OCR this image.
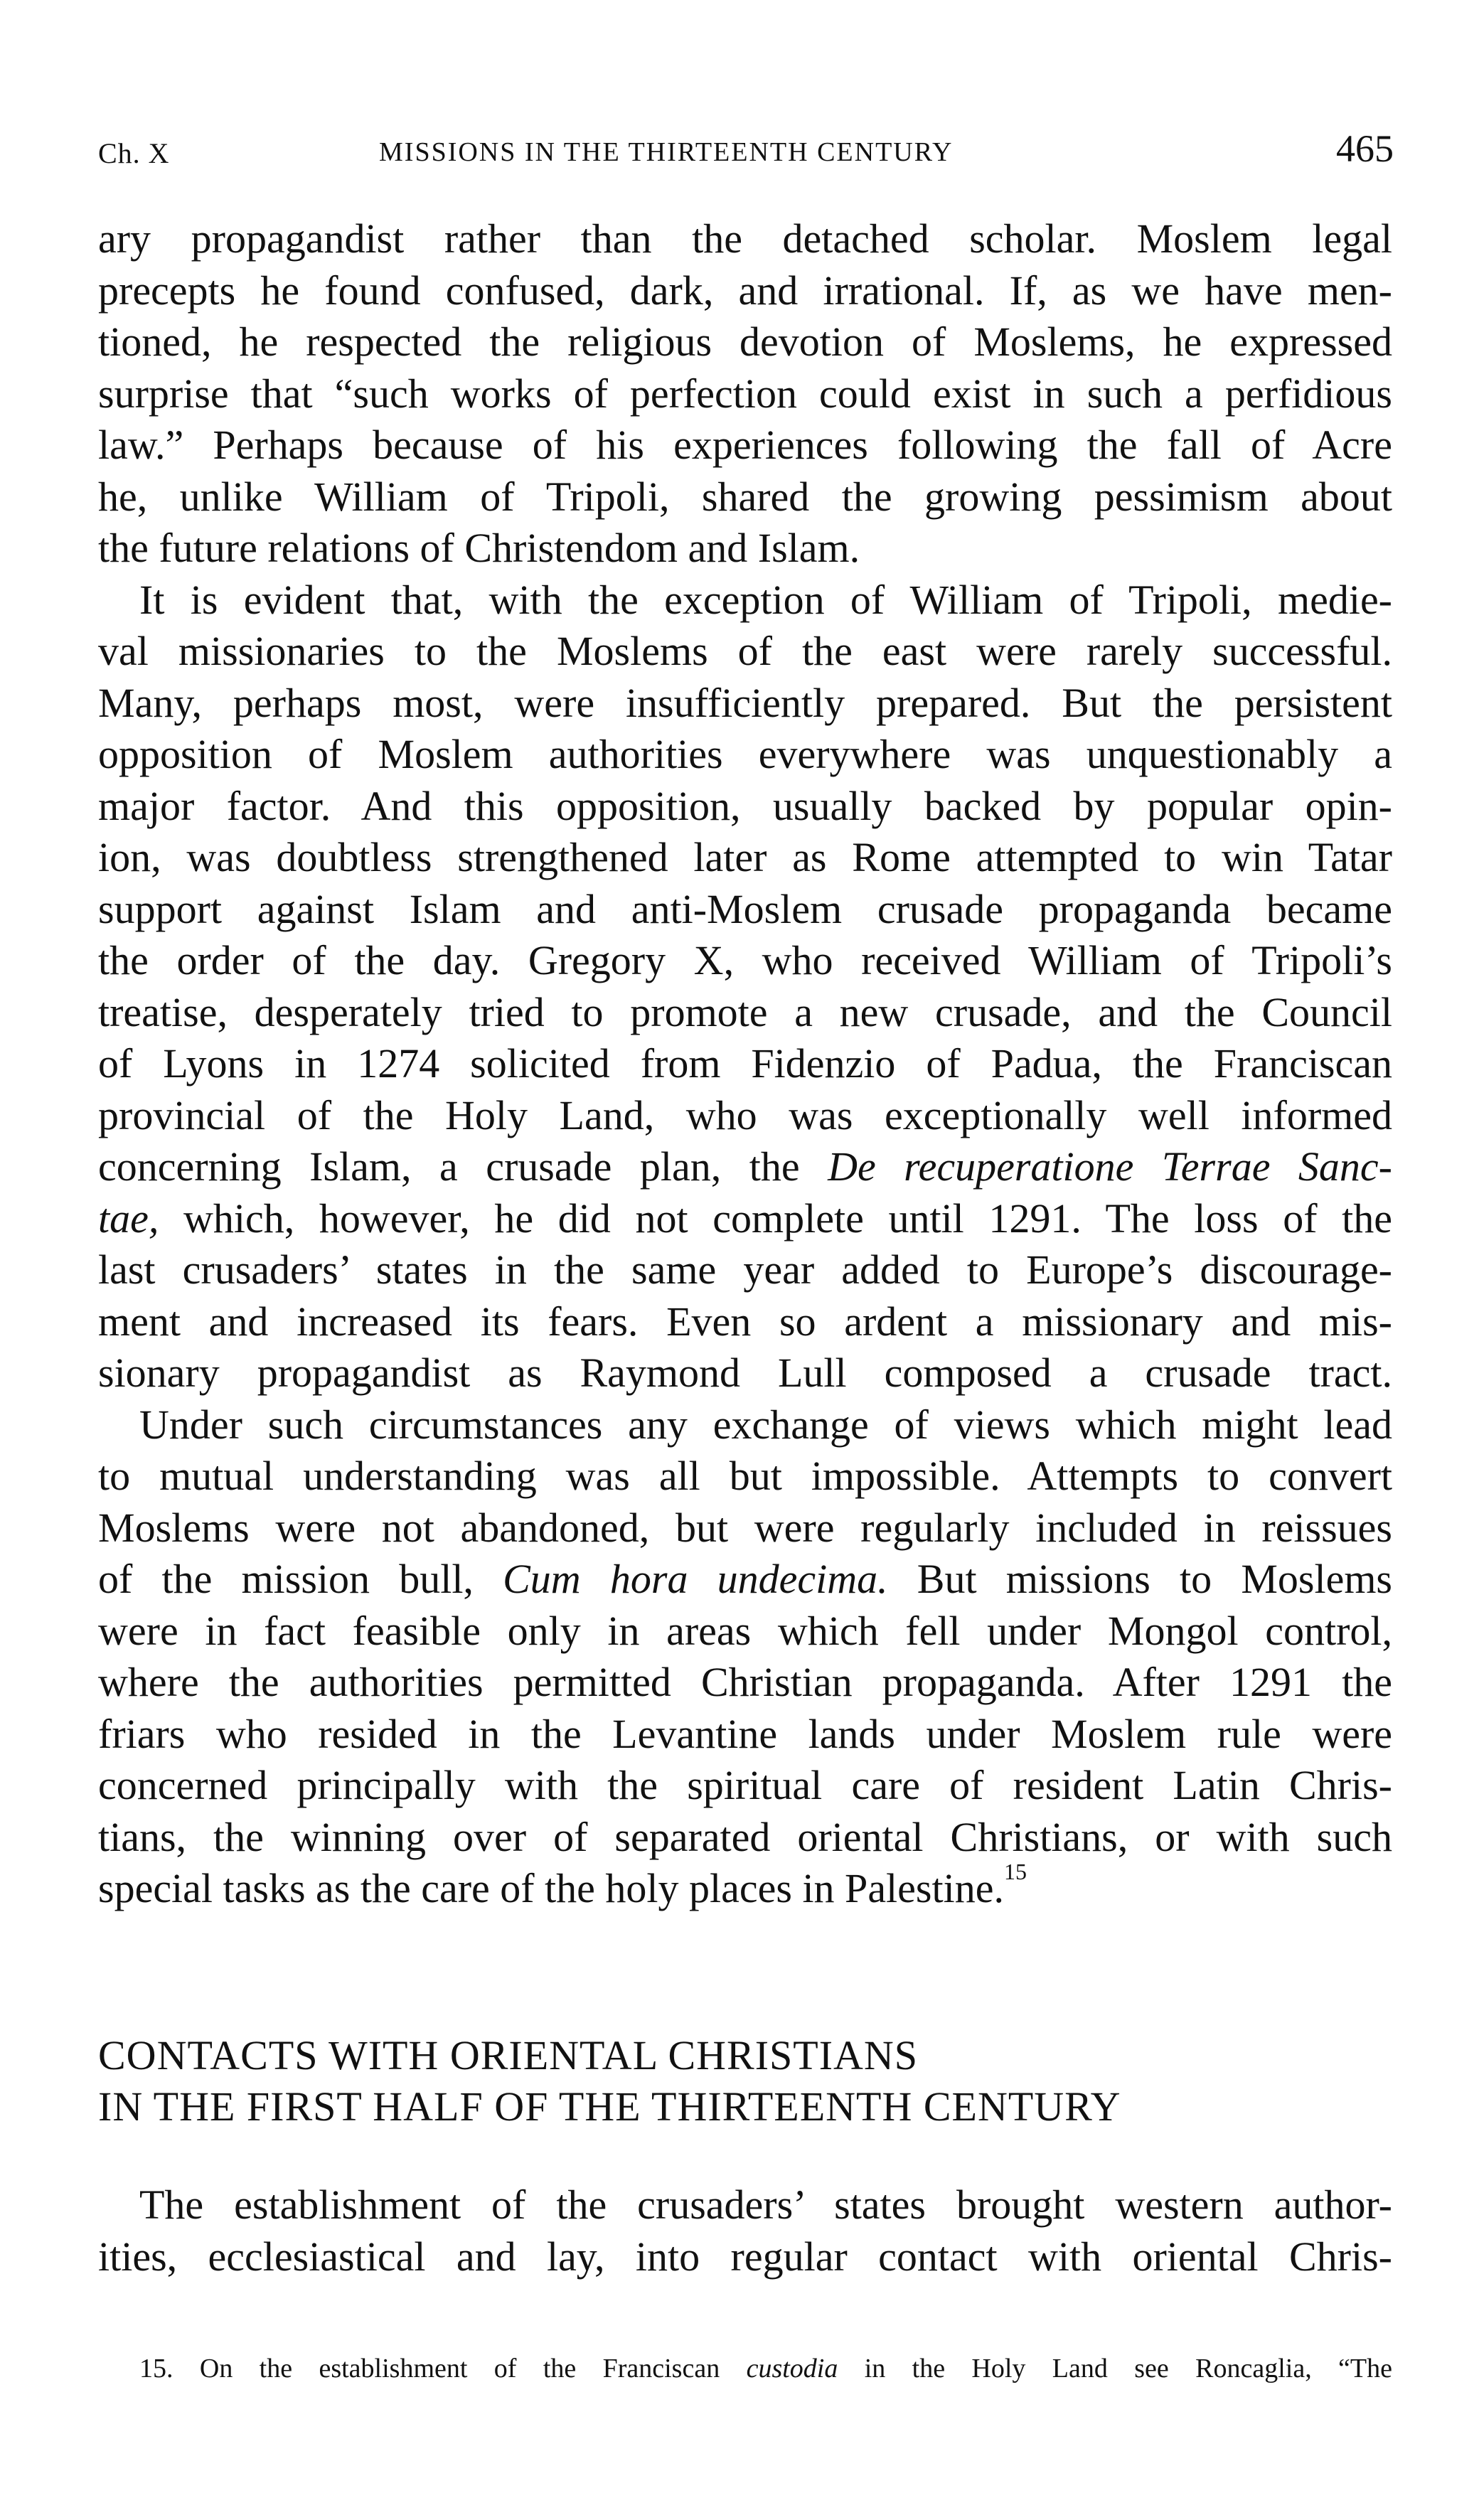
Ch. X	MISSIONS IN THE THIRTEENTH CENTURY	465
ary propagandist rather than the detached scholar. Moslem legal
precepts he found confused, dark, and irrational. If, as we have men-
tioned, he respected the religious devotion of Moslems, he expressed
surprise that “such works of perfection could exist in such a perfidious
law.” Perhaps because of his experiences following the fall of Acre
he, unlike William of Tripoli, shared the growing pessimism about
the future relations of Christendom and Islam.
It is evident that, with the exception of William of Tripoli, medie-
val missionaries to the Moslems of the east were rarely successful.
Many, perhaps most, were insufficiently prepared. But the persistent
opposition of Moslem authorities everywhere was unquestionably a
major factor. And this opposition, usually backed by popular opin-
ion, was doubtless strengthened later as Rome attempted to win Tatar
support against Islam and anti-Moslem crusade propaganda became
the order of the day. Gregory X, who received William of Tripoli’s
treatise, desperately tried to promote a new crusade, and the Council
of Lyons in 1274 solicited from Fidenzio of Padua, the Franciscan
provincial of the Holy Land, who was exceptionally well informed
concerning Islam, a crusade plan, the De recuperatione Terrae Sanc-
tae, which, however, he did not complete until 1291. The loss of the
last crusaders’ states in the same year added to Europe’s discourage-
ment and increased its fears. Even so ardent a missionary and mis-
sionary propagandist as Raymond Lull composed a crusade tract.
Under such circumstances any exchange of views which might lead
to mutual understanding was all but impossible. Attempts to convert
Moslems were not abandoned, but were regularly included in reissues
of the mission bull, Cum hora undecima. But missions to Moslems
were in fact feasible only in areas which fell under Mongol control,
where the authorities permitted Christian propaganda. After 1291 the
friars who resided in the Levantine lands under Moslem rule were
concerned principally with the spiritual care of resident Latin Chris-
tians, the winning over of separated oriental Christians, or with such
special tasks as the care of the holy places in Palestine.$^{15}$
CONTACTS WITH ORIENTAL CHRISTIANS
IN THE FIRST HALF OF THE THIRTEENTH CENTURY
The establishment of the crusaders’ states brought western author-
ities, ecclesiastical and lay, into regular contact with oriental Chris-
15. On the establishment of the Franciscan custodia in the Holy Land see Roncaglia, “The
